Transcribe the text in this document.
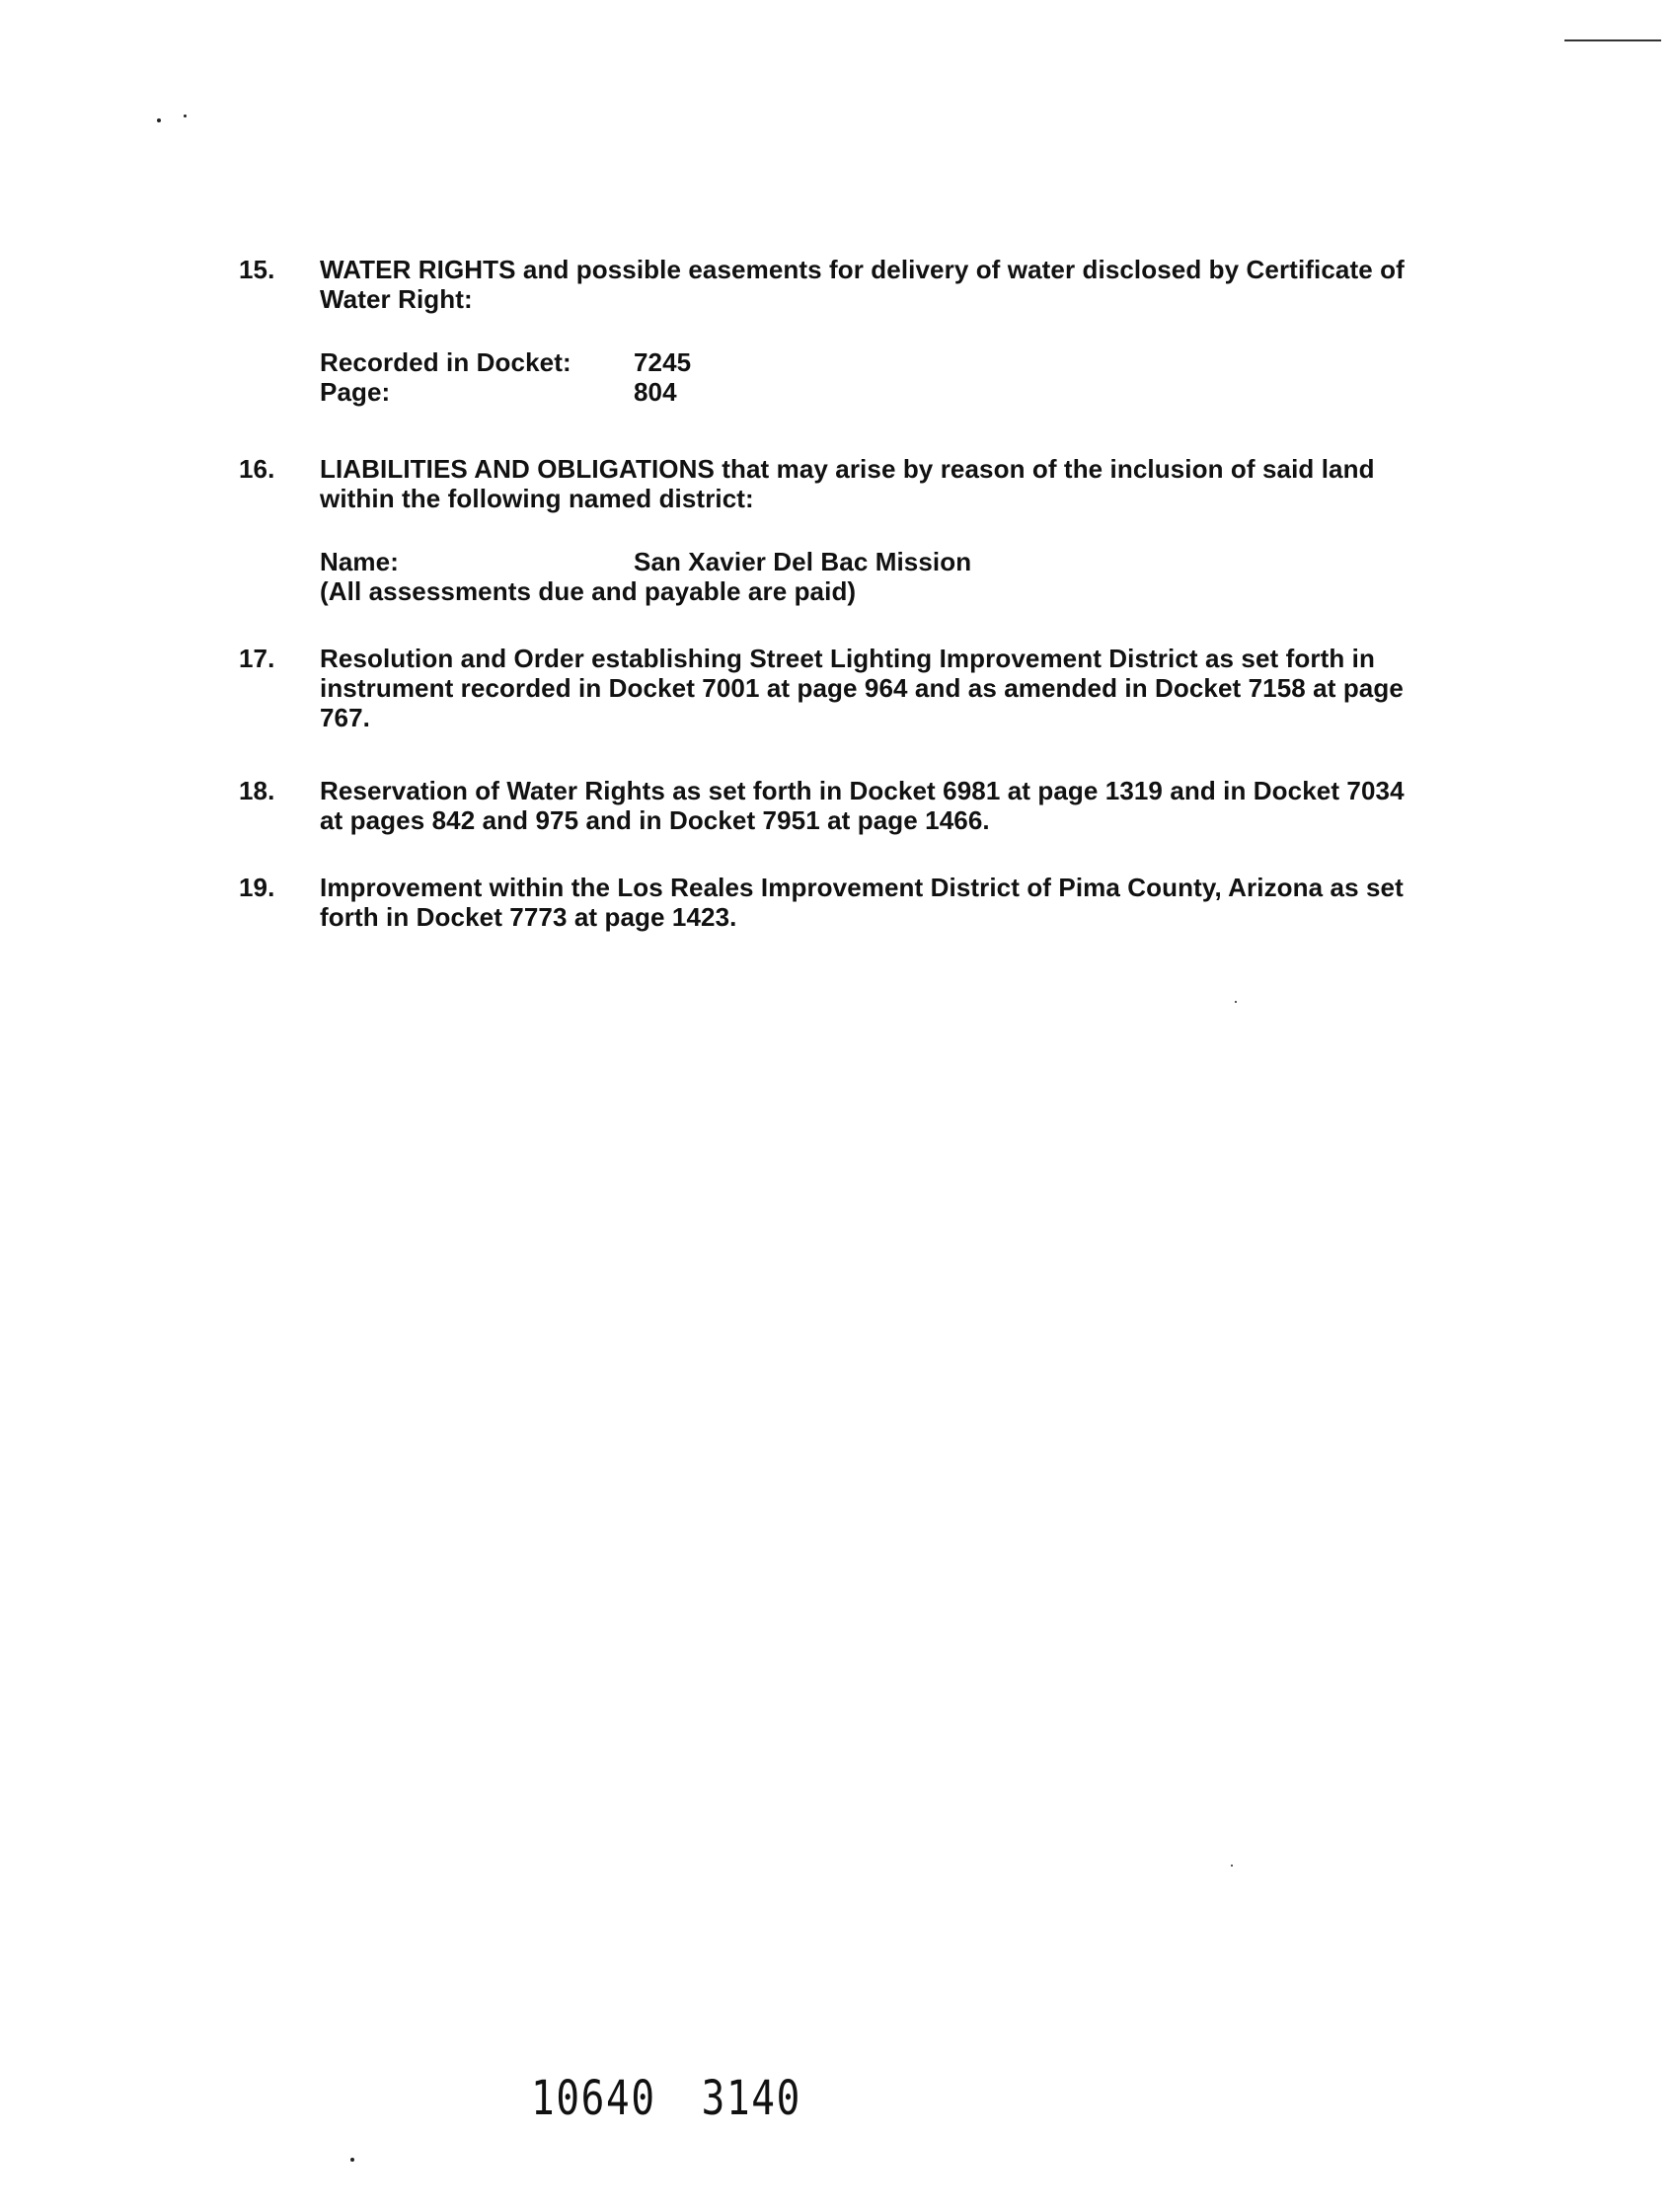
15.	WATER RIGHTS and possible easements for delivery of water disclosed by Certificate of Water Right:
Recorded in Docket:	7245
Page:	804
16.	LIABILITIES AND OBLIGATIONS that may arise by reason of the inclusion of said land within the following named district:
Name:	San Xavier Del Bac Mission
(All assessments due and payable are paid)
17.	Resolution and Order establishing Street Lighting Improvement District as set forth in instrument recorded in Docket 7001 at page 964 and as amended in Docket 7158 at page 767.
18.	Reservation of Water Rights as set forth in Docket 6981 at page 1319 and in Docket 7034 at pages 842 and 975 and in Docket 7951 at page 1466.
19.	Improvement within the Los Reales Improvement District of Pima County, Arizona as set forth in Docket 7773 at page 1423.
10640 3140
